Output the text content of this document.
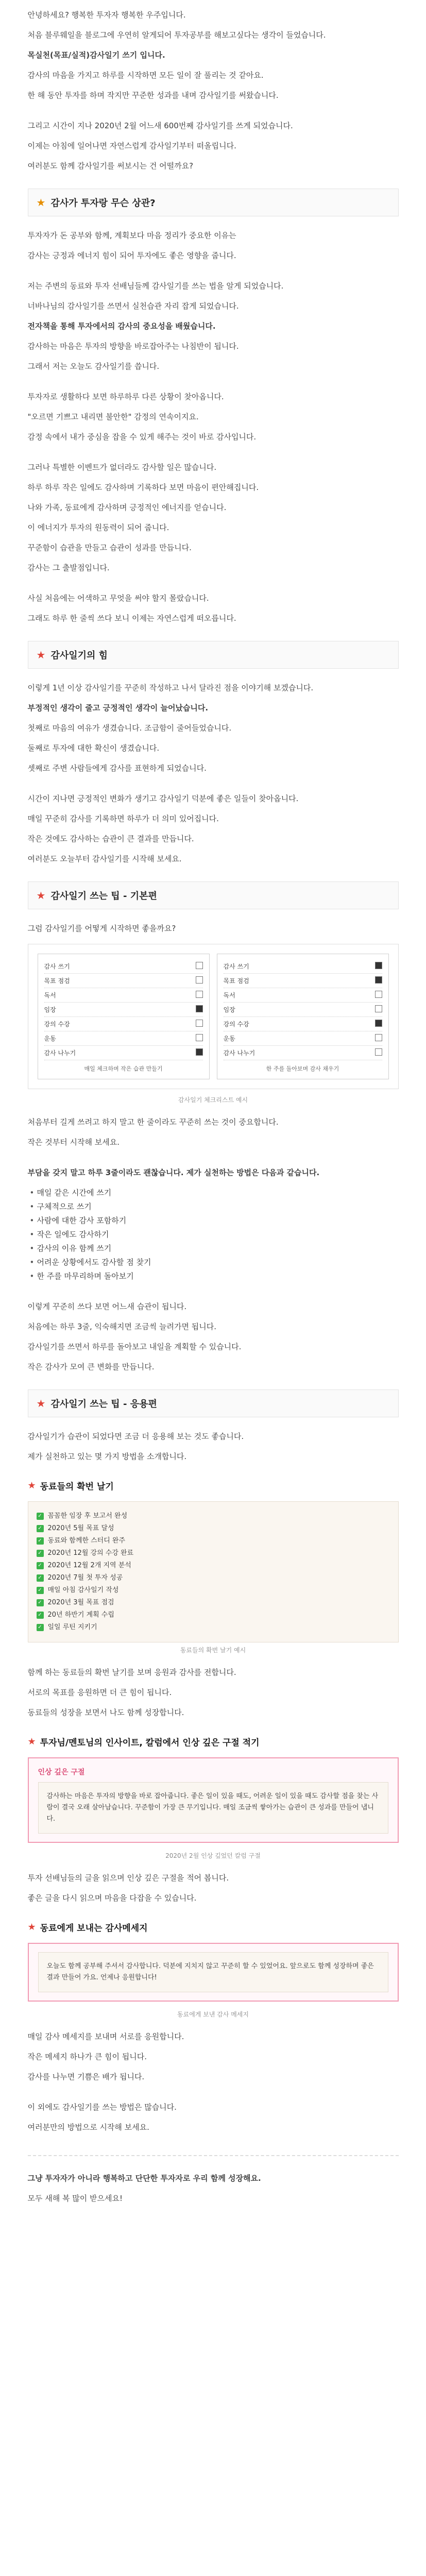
안녕하세요? 행복한 투자자 행복한 우주입니다.

처음 블루웨일을 블로그에 우연히 알게되어 투자공부를 해보고싶다는 생각이 들었습니다.

목실천(목표/실적)감사일기 쓰기 입니다.

감사의 마음을 가지고 하루를 시작하면 모든 일이 잘 풀리는 것 같아요.

한 해 동안 투자를 하며 작지만 꾸준한 성과를 내며 감사일기를 써왔습니다.

그리고 시간이 지나 2020년 2월 어느새 600번째 감사일기를 쓰게 되었습니다.

이제는 아침에 일어나면 자연스럽게 감사일기부터 떠올립니다.

여러분도 함께 감사일기를 써보시는 건 어떨까요?

★ 감사가 투자랑 무슨 상관?

투자자가 돈 공부와 함께, 계획보다 마음 정리가 중요한 이유는

감사는 긍정과 에너지 힘이 되어 투자에도 좋은 영향을 줍니다.

저는 주변의 동료와 투자 선배님들께 감사일기를 쓰는 법을 알게 되었습니다.

너바나님의 감사일기를 쓰면서 실천습관 자리 잡게 되었습니다.

전자책을 통해 투자에서의 감사의 중요성을 배웠습니다.

감사하는 마음은 투자의 방향을 바로잡아주는 나침반이 됩니다.

그래서 저는 오늘도 감사일기를 씁니다.

투자자로 생활하다 보면 하루하루 다른 상황이 찾아옵니다.

"오르면 기쁘고 내리면 불안한" 감정의 연속이지요.

감정 속에서 내가 중심을 잡을 수 있게 해주는 것이 바로 감사입니다.

그러나 특별한 이벤트가 없더라도 감사할 일은 많습니다.

하루 하루 작은 일에도 감사하며 기록하다 보면 마음이 편안해집니다.

나와 가족, 동료에게 감사하며 긍정적인 에너지를 얻습니다.

이 에너지가 투자의 원동력이 되어 줍니다.

꾸준함이 습관을 만들고 습관이 성과를 만듭니다.

감사는 그 출발점입니다.

사실 처음에는 어색하고 무엇을 써야 할지 몰랐습니다.

그래도 하루 한 줄씩 쓰다 보니 이제는 자연스럽게 떠오릅니다.

★ 감사일기의 힘

이렇게 1년 이상 감사일기를 꾸준히 작성하고 나서 달라진 점을 이야기해 보겠습니다.

부정적인 생각이 줄고 긍정적인 생각이 늘어났습니다.

첫째로 마음의 여유가 생겼습니다. 조급함이 줄어들었습니다.

둘째로 투자에 대한 확신이 생겼습니다.

셋째로 주변 사람들에게 감사를 표현하게 되었습니다.

시간이 지나면 긍정적인 변화가 생기고 감사일기 덕분에 좋은 일들이 찾아옵니다.

매일 꾸준히 감사를 기록하면 하루가 더 의미 있어집니다.

작은 것에도 감사하는 습관이 큰 결과를 만듭니다.

여러분도 오늘부터 감사일기를 시작해 보세요.

★ 감사일기 쓰는 팁 - 기본편

그럼 감사일기를 어떻게 시작하면 좋을까요?

감사 쓰기
목표 점검
독서
임장
강의 수강
운동
감사 나누기
매일 체크하며 작은 습관 만들기
감사 쓰기
목표 점검
독서
임장
강의 수강
운동
감사 나누기
한 주를 돌아보며 감사 채우기
감사일기 체크리스트 예시

처음부터 길게 쓰려고 하지 말고 한 줄이라도 꾸준히 쓰는 것이 중요합니다.

작은 것부터 시작해 보세요.

부담을 갖지 말고 하루 3줄이라도 괜찮습니다. 제가 실천하는 방법은 다음과 같습니다.

• 매일 같은 시간에 쓰기
• 구체적으로 쓰기
• 사람에 대한 감사 포함하기
• 작은 일에도 감사하기
• 감사의 이유 함께 쓰기
• 어려운 상황에서도 감사할 점 찾기
• 한 주를 마무리하며 돌아보기

이렇게 꾸준히 쓰다 보면 어느새 습관이 됩니다.

처음에는 하루 3줄, 익숙해지면 조금씩 늘려가면 됩니다.

감사일기를 쓰면서 하루를 돌아보고 내일을 계획할 수 있습니다.

작은 감사가 모여 큰 변화를 만듭니다.

★ 감사일기 쓰는 팁 - 응용편

감사일기가 습관이 되었다면 조금 더 응용해 보는 것도 좋습니다.

제가 실천하고 있는 몇 가지 방법을 소개합니다.

★ 동료들의 확번 날기
✓ 꼼꼼한 임장 후 보고서 완성
✓ 2020년 5월 목표 달성
✓ 동료와 함께한 스터디 완주
✓ 2020년 12월 강의 수강 완료
✓ 2020년 12월 2개 지역 분석
✓ 2020년 7월 첫 투자 성공
✓ 매일 아침 감사일기 작성
✓ 2020년 3월 목표 점검
✓ 20년 하반기 계획 수립
✓ 일일 루틴 지키기
동료들의 확번 날기 예시

함께 하는 동료들의 확번 날기를 보며 응원과 감사를 전합니다.

서로의 목표를 응원하면 더 큰 힘이 됩니다.

동료들의 성장을 보면서 나도 함께 성장합니다.

★ 투자님/멘토님의 인사이트, 칼럼에서 인상 깊은 구절 적기
인상 깊은 구절
감사하는 마음은 투자의 방향을 바로 잡아줍니다. 좋은 일이 있을 때도, 어려운 일이 있을 때도 감사할 점을 찾는 사람이 결국 오래 살아남습니다. 꾸준함이 가장 큰 무기입니다. 매일 조금씩 쌓아가는 습관이 큰 성과를 만들어 냅니다.
2020년 2월 인상 깊었던 칼럼 구절

투자 선배님들의 글을 읽으며 인상 깊은 구절을 적어 봅니다.

좋은 글을 다시 읽으며 마음을 다잡을 수 있습니다.

★ 동료에게 보내는 감사메세지
오늘도 함께 공부해 주셔서 감사합니다. 덕분에 지치지 않고 꾸준히 할 수 있었어요. 앞으로도 함께 성장하며 좋은 결과 만들어 가요. 언제나 응원합니다!
동료에게 보낸 감사 메세지

매일 감사 메세지를 보내며 서로를 응원합니다.

작은 메세지 하나가 큰 힘이 됩니다.

감사를 나누면 기쁨은 배가 됩니다.

이 외에도 감사일기를 쓰는 방법은 많습니다.

여러분만의 방법으로 시작해 보세요.

그냥 투자자가 아니라 행복하고 단단한 투자자로 우리 함께 성장해요.

모두 새해 복 많이 받으세요!
